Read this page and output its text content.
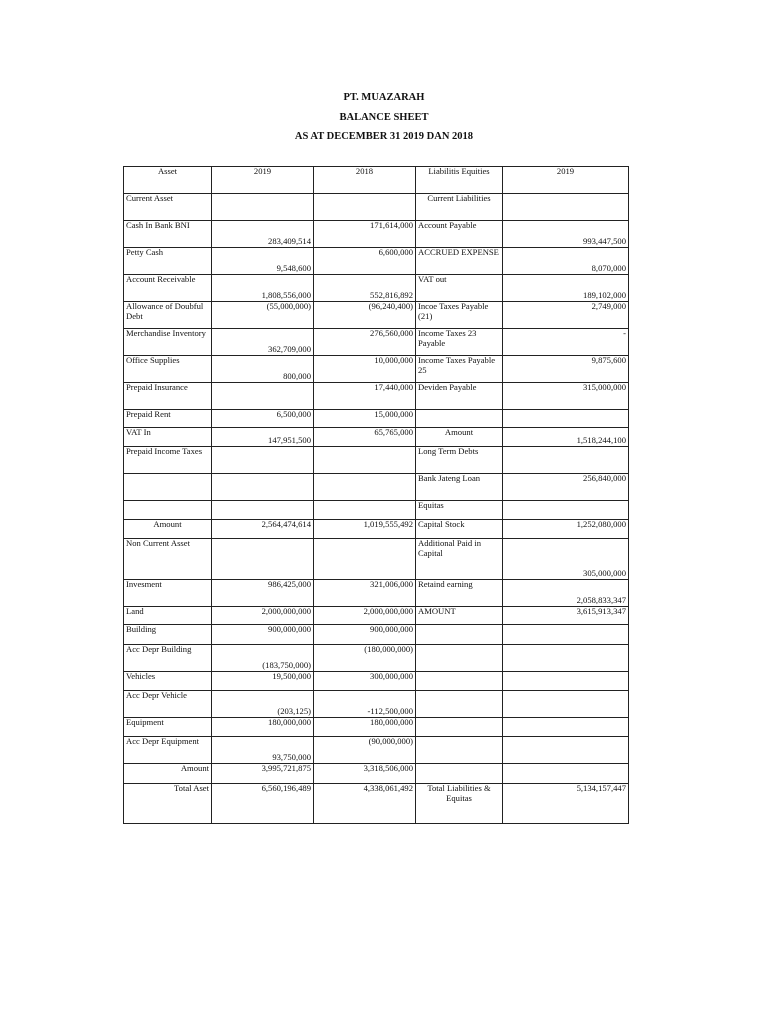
PT. MUAZARAH
BALANCE SHEET
AS AT DECEMBER 31 2019 DAN 2018
Asset	2019	2018	Liabilitis Equities	2019
Current Asset			Current Liabilities	
Cash In Bank BNI	283,409,514	171,614,000	Account Payable	993,447,500
Petty Cash	9,548,600	6,600,000	ACCRUED EXPENSE	8,070,000
Account Receivable	1,808,556,000	552,816,892	VAT out	189,102,000
Allowance of Doubful Debt	(55,000,000)	(96,240,400)	Incoe Taxes Payable (21)	2,749,000
Merchandise Inventory	362,709,000	276,560,000	Income Taxes 23 Payable	-
Office Supplies	800,000	10,000,000	Income Taxes Payable 25	9,875,600
Prepaid Insurance		17,440,000	Deviden Payable	315,000,000
Prepaid Rent	6,500,000	15,000,000		
VAT In	147,951,500	65,765,000	Amount	1,518,244,100
Prepaid Income Taxes			Long Term Debts	
			Bank Jateng Loan	256,840,000
			Equitas	
Amount	2,564,474,614	1,019,555,492	Capital Stock	1,252,080,000
Non Current Asset			Additional Paid in Capital	305,000,000
Invesment	986,425,000	321,006,000	Retaind earning	2,058,833,347
Land	2,000,000,000	2,000,000,000	AMOUNT	3,615,913,347
Building	900,000,000	900,000,000		
Acc Depr Building	(183,750,000)	(180,000,000)		
Vehicles	19,500,000	300,000,000		
Acc Depr Vehicle	(203,125)	-112,500,000		
Equipment	180,000,000	180,000,000		
Acc Depr Equipment	93,750,000	(90,000,000)		
Amount	3,995,721,875	3,318,506,000		
Total Aset	6,560,196,489	4,338,061,492	Total Liabilities & Equitas	5,134,157,447
